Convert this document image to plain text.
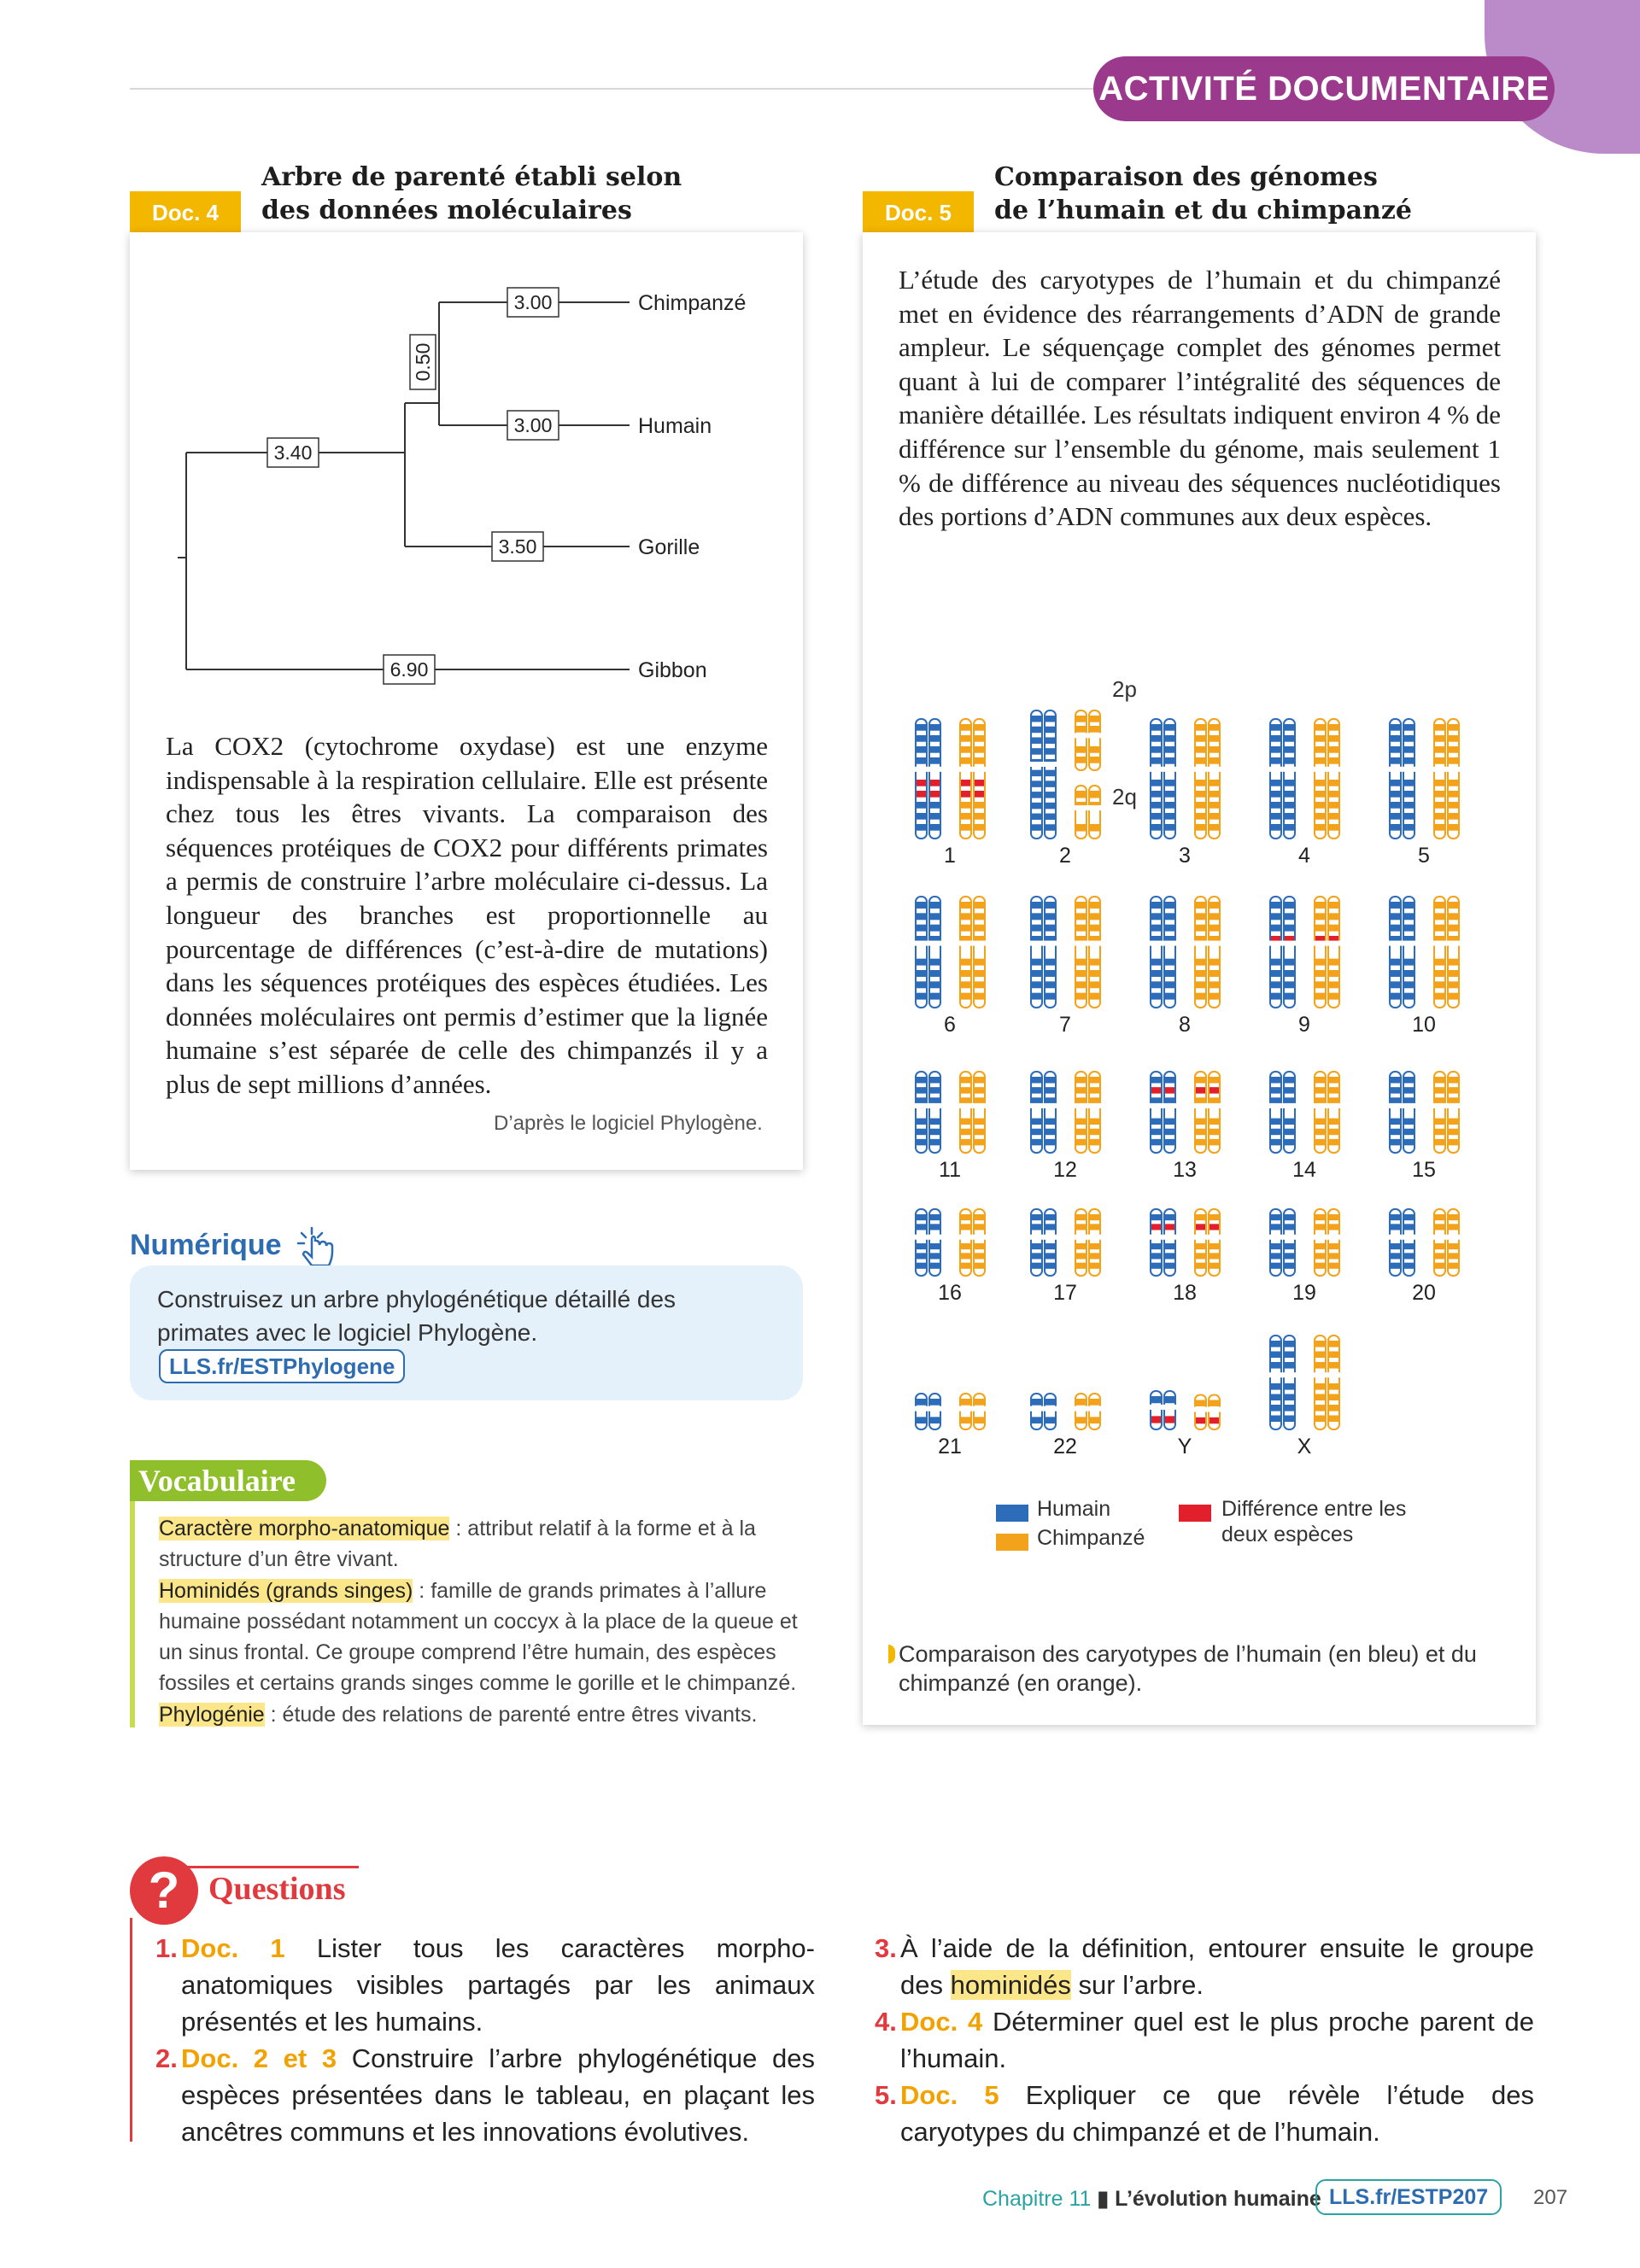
ACTIVITÉ DOCUMENTAIRE
Doc. 4
Arbre de parenté établi selon
des données moléculaires
3.00
3.00
0.50
3.40
3.50
6.90
Chimpanzé
Humain
Gorille
Gibbon
La COX2 (cytochrome oxydase) est une enzyme indispensable à la respiration cellulaire. Elle est présente chez tous les êtres vivants. La comparaison des séquences protéiques de COX2 pour différents primates a permis de construire l’arbre moléculaire ci-dessus. La longueur des branches est proportionnelle au pourcentage de différences (c’est-à-dire de mutations) dans les séquences protéiques des espèces étudiées. Les données moléculaires ont permis d’estimer que la lignée humaine s’est séparée de celle des chimpanzés il y a plus de sept millions d’années.
D’après le logiciel Phylogène.
Doc. 5
Comparaison des génomes
de l’humain et du chimpanzé
L’étude des caryotypes de l’humain et du chimpanzé met en évidence des réarrangements d’ADN de grande ampleur. Le séquençage complet des génomes permet quant à lui de comparer l’intégralité des séquences de manière détaillée. Les résultats indiquent environ 4 % de différence sur l’ensemble du génome, mais seulement 1 % de différence au niveau des séquences nucléotidiques des portions d’ADN communes aux deux espèces.
1	2	3	4	5
6	7	8	9	10
11	12	13	14	15
16	17	18	19	20
21	22	Y	X
2p
2q
Humain
Chimpanzé
Différence entre les
deux espèces
Comparaison des caryotypes de l’humain (en bleu) et du chimpanzé (en orange).
Numérique
Construisez un arbre phylogénétique détaillé des primates avec le logiciel Phylogène.
LLS.fr/ESTPhylogene
Vocabulaire
Caractère morpho-anatomique : attribut relatif à la forme et à la structure d’un être vivant.
Hominidés (grands singes) : famille de grands primates à l’allure humaine possédant notamment un coccyx à la place de la queue et un sinus frontal. Ce groupe comprend l’être humain, des espèces fossiles et certains grands singes comme le gorille et le chimpanzé.
Phylogénie : étude des relations de parenté entre êtres vivants.
? Questions
1. Doc. 1 Lister tous les caractères morpho-anatomiques visibles partagés par les animaux présentés et les humains.
2. Doc. 2 et 3 Construire l’arbre phylogénétique des espèces présentées dans le tableau, en plaçant les ancêtres communs et les innovations évolutives.
3. À l’aide de la définition, entourer ensuite le groupe des hominidés sur l’arbre.
4. Doc. 4 Déterminer quel est le plus proche parent de l’humain.
5. Doc. 5 Expliquer ce que révèle l’étude des caryotypes du chimpanzé et de l’humain.
Chapitre 11 ▮ L’évolution humaine LLS.fr/ESTP207	207
